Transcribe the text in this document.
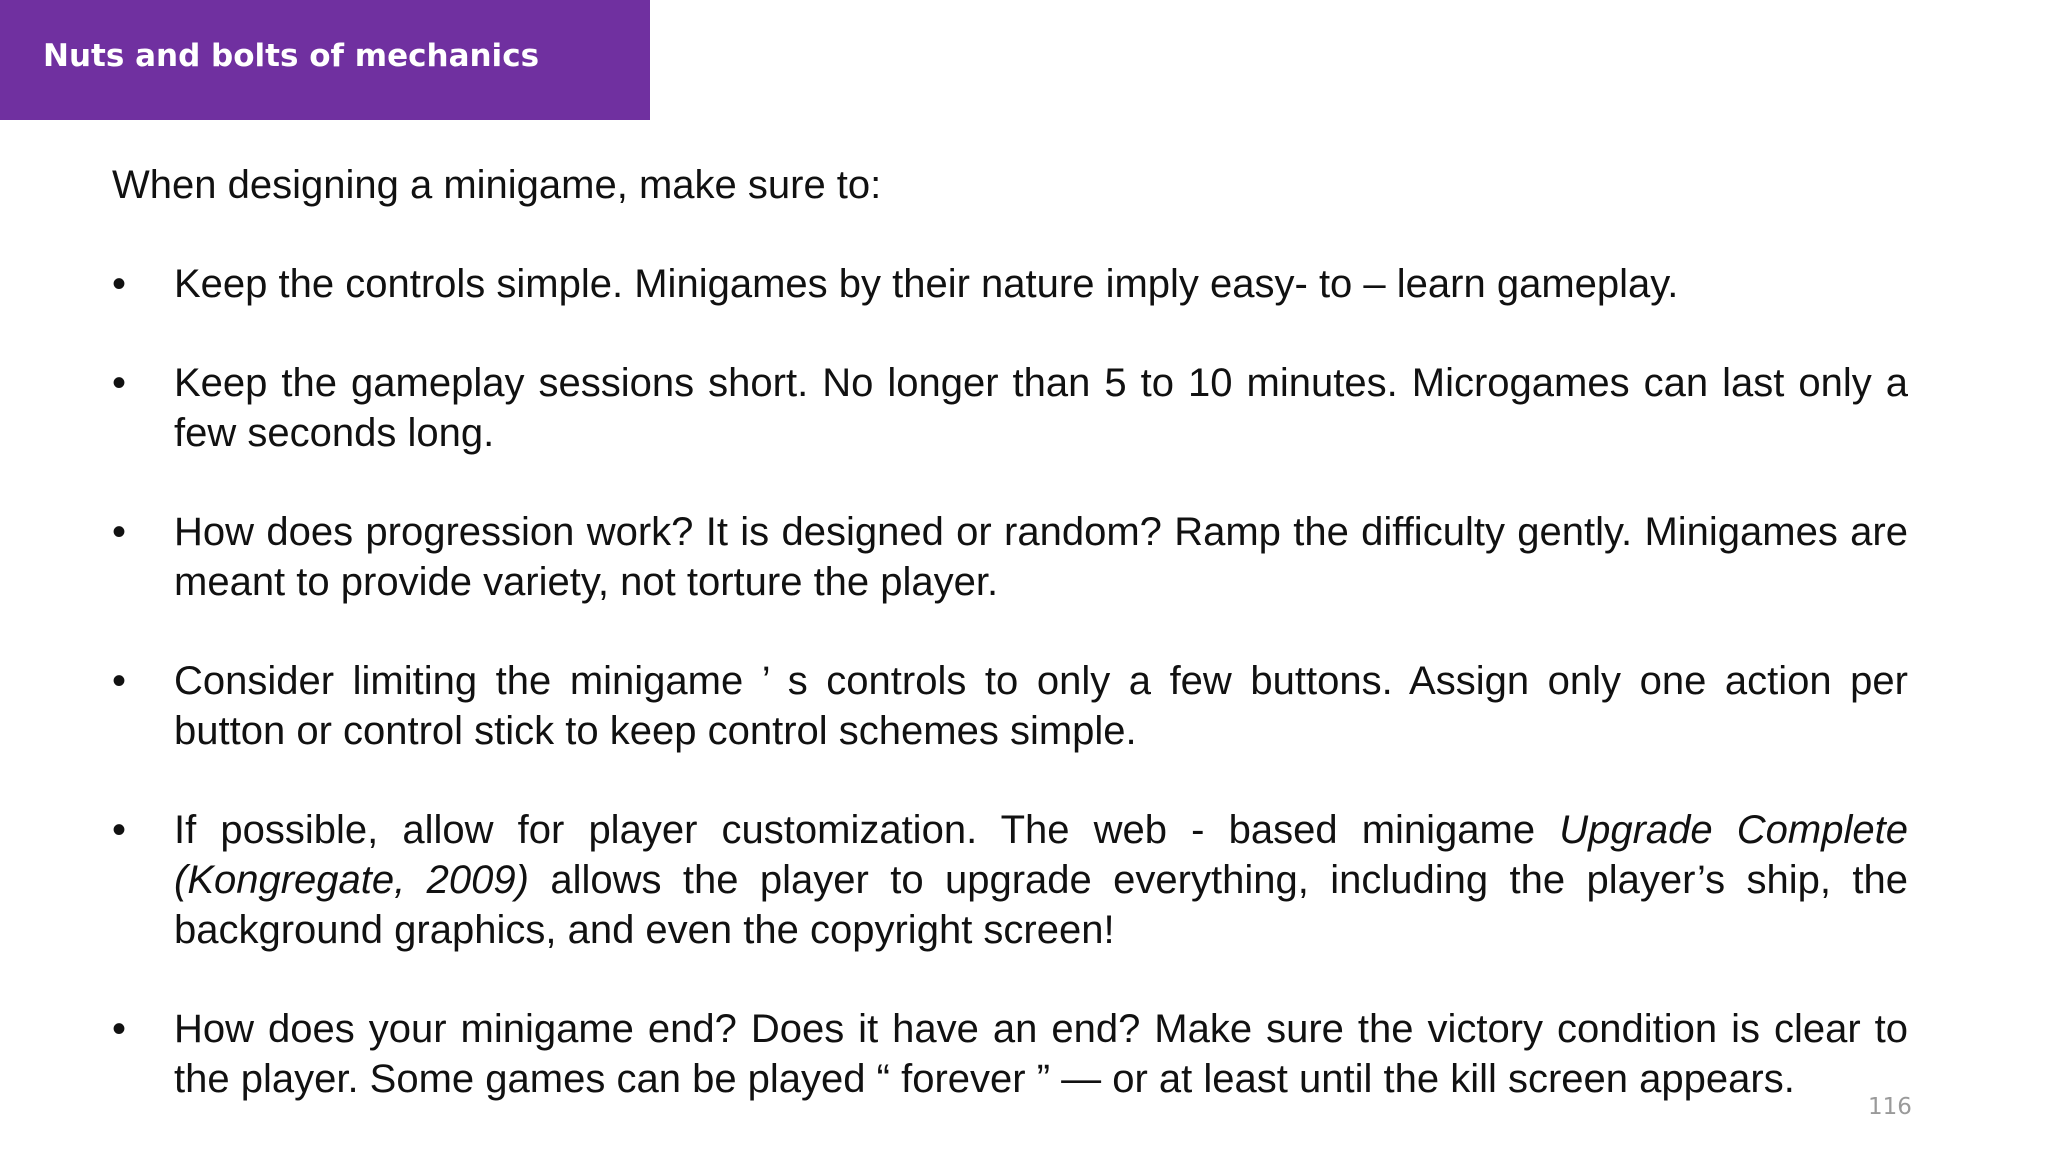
Nuts and bolts of mechanics

When designing a minigame, make sure to:

• Keep the controls simple. Minigames by their nature imply easy- to – learn gameplay.
• Keep the gameplay sessions short. No longer than 5 to 10 minutes. Microgames can last only a few seconds long.
• How does progression work? It is designed or random? Ramp the difficulty gently. Minigames are meant to provide variety, not torture the player.
• Consider limiting the minigame ’ s controls to only a few buttons. Assign only one action per button or control stick to keep control schemes simple.
• If possible, allow for player customization. The web - based minigame Upgrade Complete (Kongregate, 2009) allows the player to upgrade everything, including the player’s ship, the background graphics, and even the copyright screen!
• How does your minigame end? Does it have an end? Make sure the victory condition is clear to the player. Some games can be played “ forever ” — or at least until the kill screen appears.
116
